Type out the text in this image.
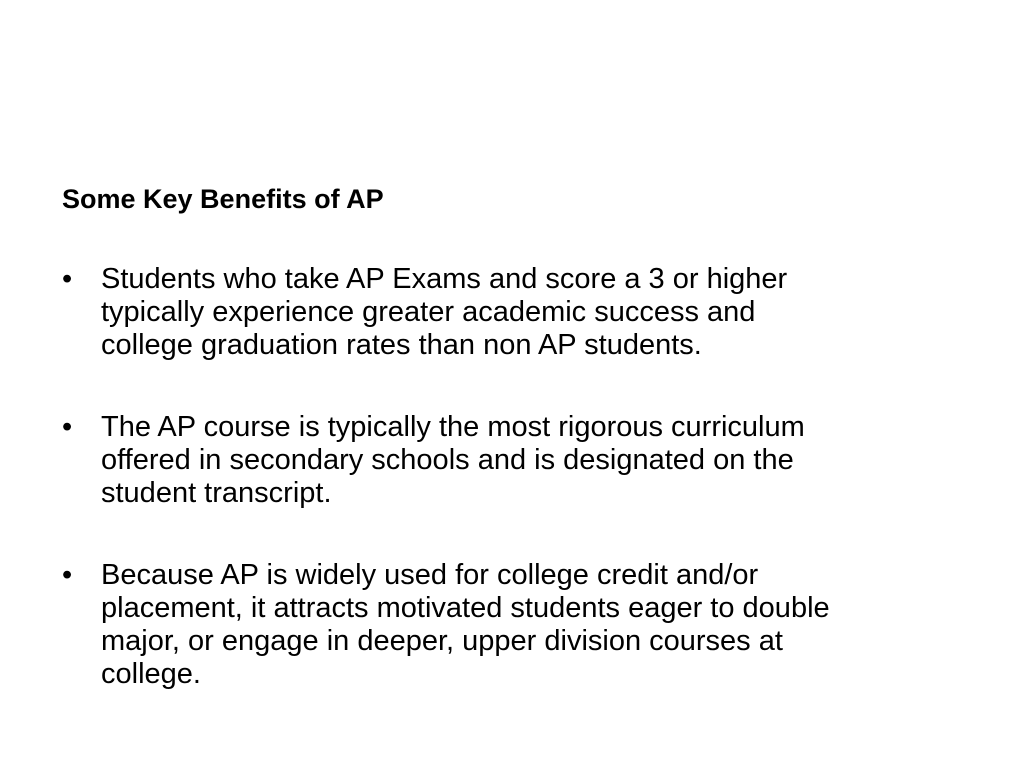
Some Key Benefits of AP
• Students who take AP Exams and score a 3 or higher
typically experience greater academic success and
college graduation rates than non AP students.
• The AP course is typically the most rigorous curriculum
offered in secondary schools and is designated on the
student transcript.
• Because AP is widely used for college credit and/or
placement, it attracts motivated students eager to double
major, or engage in deeper, upper division courses at
college.
